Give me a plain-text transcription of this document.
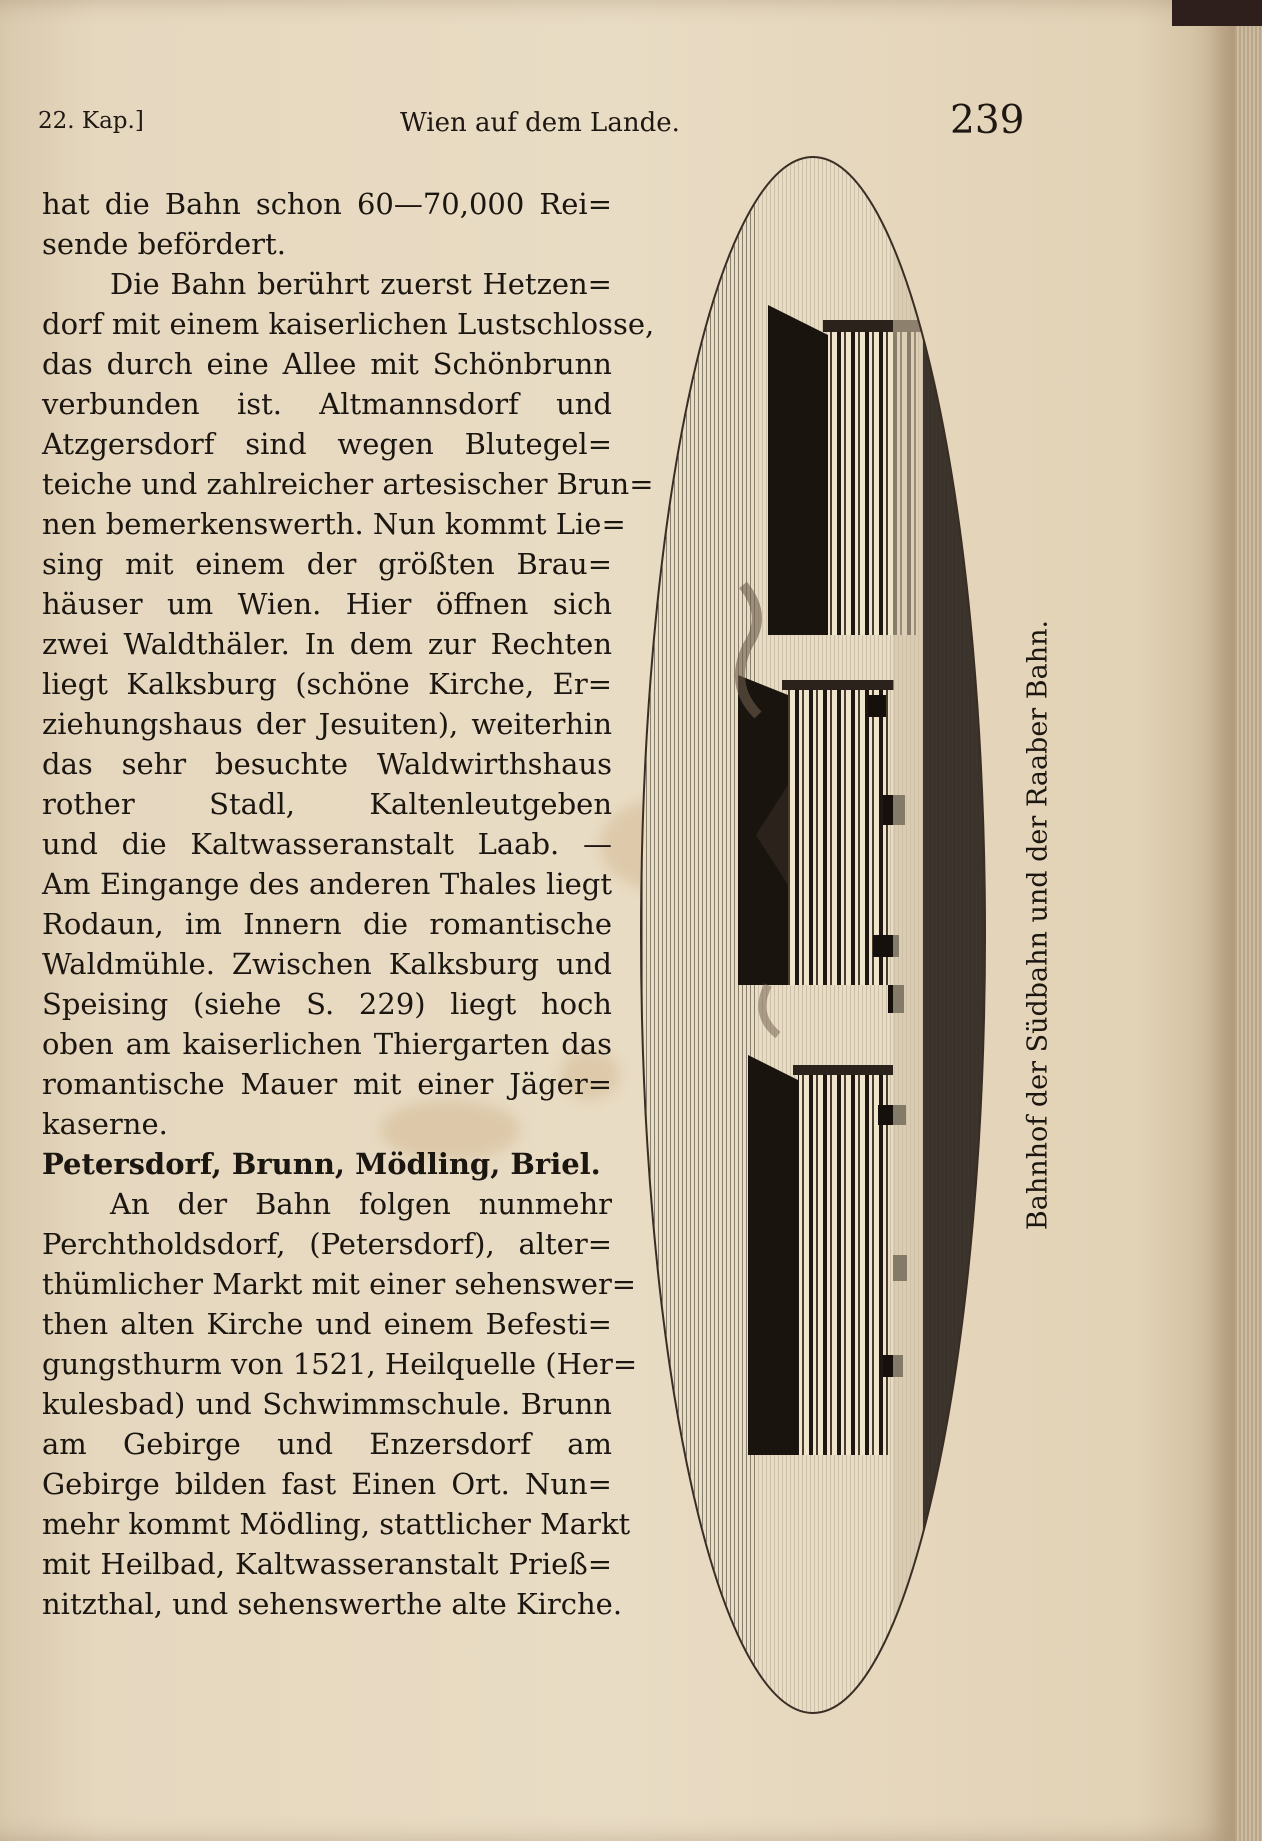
22. Kap.]	Wien auf dem Lande.	239
hat die Bahn schon 60—70,000 Rei=
sende befördert.
Die Bahn berührt zuerst Hetzen=
dorf mit einem kaiserlichen Lustschlosse,
das durch eine Allee mit Schönbrunn
verbunden ist. Altmannsdorf und
Atzgersdorf sind wegen Blutegel=
teiche und zahlreicher artesischer Brun=
nen bemerkenswerth. Nun kommt Lie=
sing mit einem der größten Brau=
häuser um Wien. Hier öffnen sich
zwei Waldthäler. In dem zur Rechten
liegt Kalksburg (schöne Kirche, Er=
ziehungshaus der Jesuiten), weiterhin
das sehr besuchte Waldwirthshaus
rother Stadl, Kaltenleutgeben
und die Kaltwasseranstalt Laab. —
Am Eingange des anderen Thales liegt
Rodaun, im Innern die romantische
Waldmühle. Zwischen Kalksburg und
Speising (siehe S. 229) liegt hoch
oben am kaiserlichen Thiergarten das
romantische Mauer mit einer Jäger=
kaserne.
Petersdorf, Brunn, Mödling, Briel.
An der Bahn folgen nunmehr
Perchtholdsdorf, (Petersdorf), alter=
thümlicher Markt mit einer sehenswer=
then alten Kirche und einem Befesti=
gungsthurm von 1521, Heilquelle (Her=
kulesbad) und Schwimmschule. Brunn
am Gebirge und Enzersdorf am
Gebirge bilden fast Einen Ort. Nun=
mehr kommt Mödling, stattlicher Markt
mit Heilbad, Kaltwasseranstalt Prieß=
nitzthal, und sehenswerthe alte Kirche.
Bahnhof der Südbahn und der Raaber Bahn.
